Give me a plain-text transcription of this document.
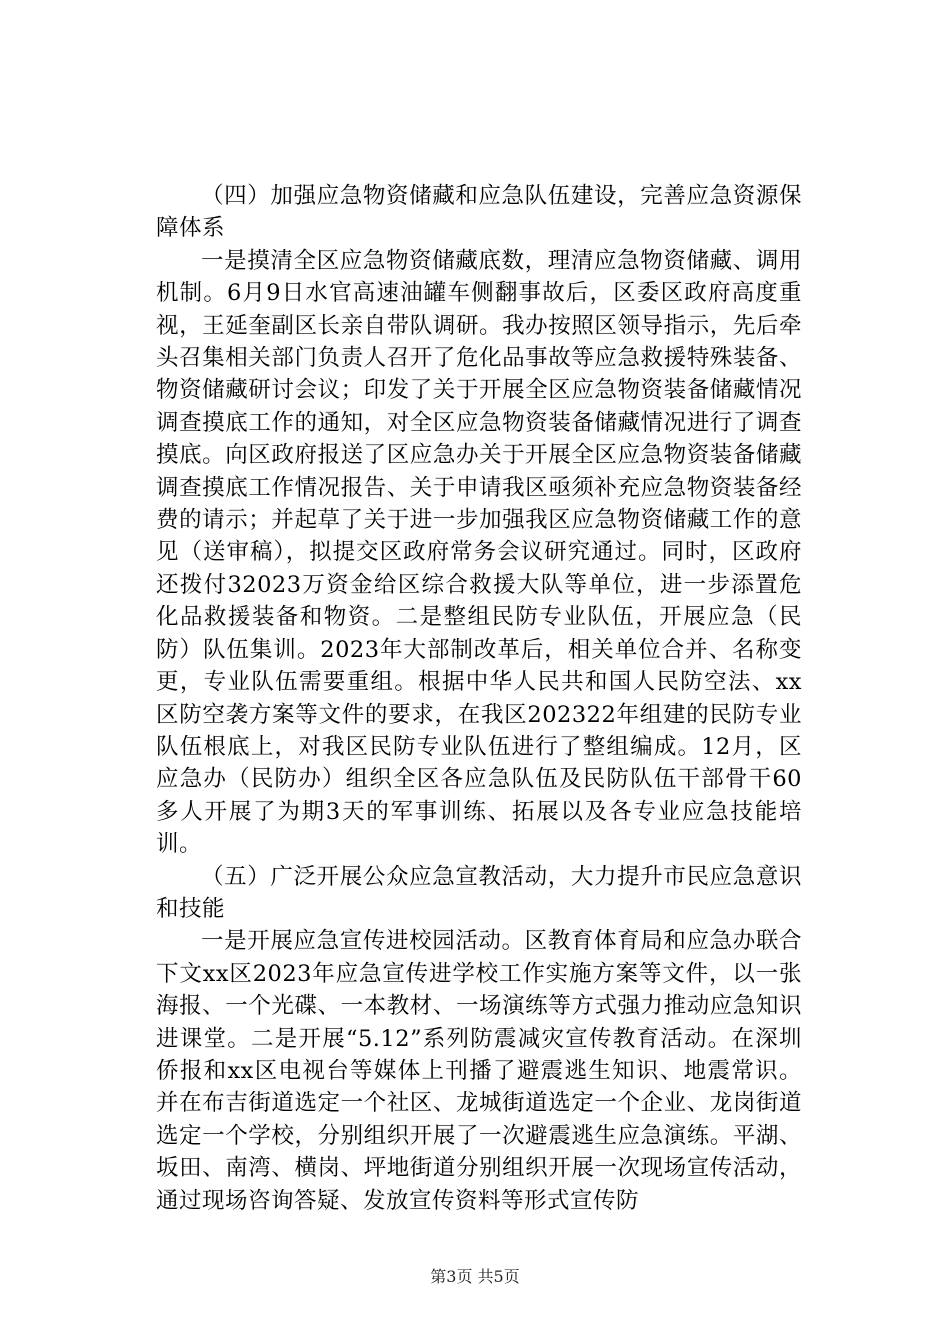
（四）加强应急物资储藏和应急队伍建设，完善应急资源保障体系

一是摸清全区应急物资储藏底数，理清应急物资储藏、调用机制。6月9日水官高速油罐车侧翻事故后，区委区政府高度重视，王延奎副区长亲自带队调研。我办按照区领导指示，先后牵头召集相关部门负责人召开了危化品事故等应急救援特殊装备、物资储藏研讨会议；印发了关于开展全区应急物资装备储藏情况调查摸底工作的通知，对全区应急物资装备储藏情况进行了调查摸底。向区政府报送了区应急办关于开展全区应急物资装备储藏调查摸底工作情况报告、关于申请我区亟须补充应急物资装备经费的请示；并起草了关于进一步加强我区应急物资储藏工作的意见（送审稿），拟提交区政府常务会议研究通过。同时，区政府还拨付32023万资金给区综合救援大队等单位，进一步添置危化品救援装备和物资。二是整组民防专业队伍，开展应急（民防）队伍集训。2023年大部制改革后，相关单位合并、名称变更，专业队伍需要重组。根据中华人民共和国人民防空法、xx区防空袭方案等文件的要求，在我区202322年组建的民防专业队伍根底上，对我区民防专业队伍进行了整组编成。12月，区应急办（民防办）组织全区各应急队伍及民防队伍干部骨干60多人开展了为期3天的军事训练、拓展以及各专业应急技能培训。

（五）广泛开展公众应急宣教活动，大力提升市民应急意识和技能

一是开展应急宣传进校园活动。区教育体育局和应急办联合下文xx区2023年应急宣传进学校工作实施方案等文件，以一张海报、一个光碟、一本教材、一场演练等方式强力推动应急知识进课堂。二是开展“5.12”系列防震减灾宣传教育活动。在深圳侨报和xx区电视台等媒体上刊播了避震逃生知识、地震常识。并在布吉街道选定一个社区、龙城街道选定一个企业、龙岗街道选定一个学校，分别组织开展了一次避震逃生应急演练。平湖、坂田、南湾、横岗、坪地街道分别组织开展一次现场宣传活动，通过现场咨询答疑、发放宣传资料等形式宣传防

第3页 共5页
